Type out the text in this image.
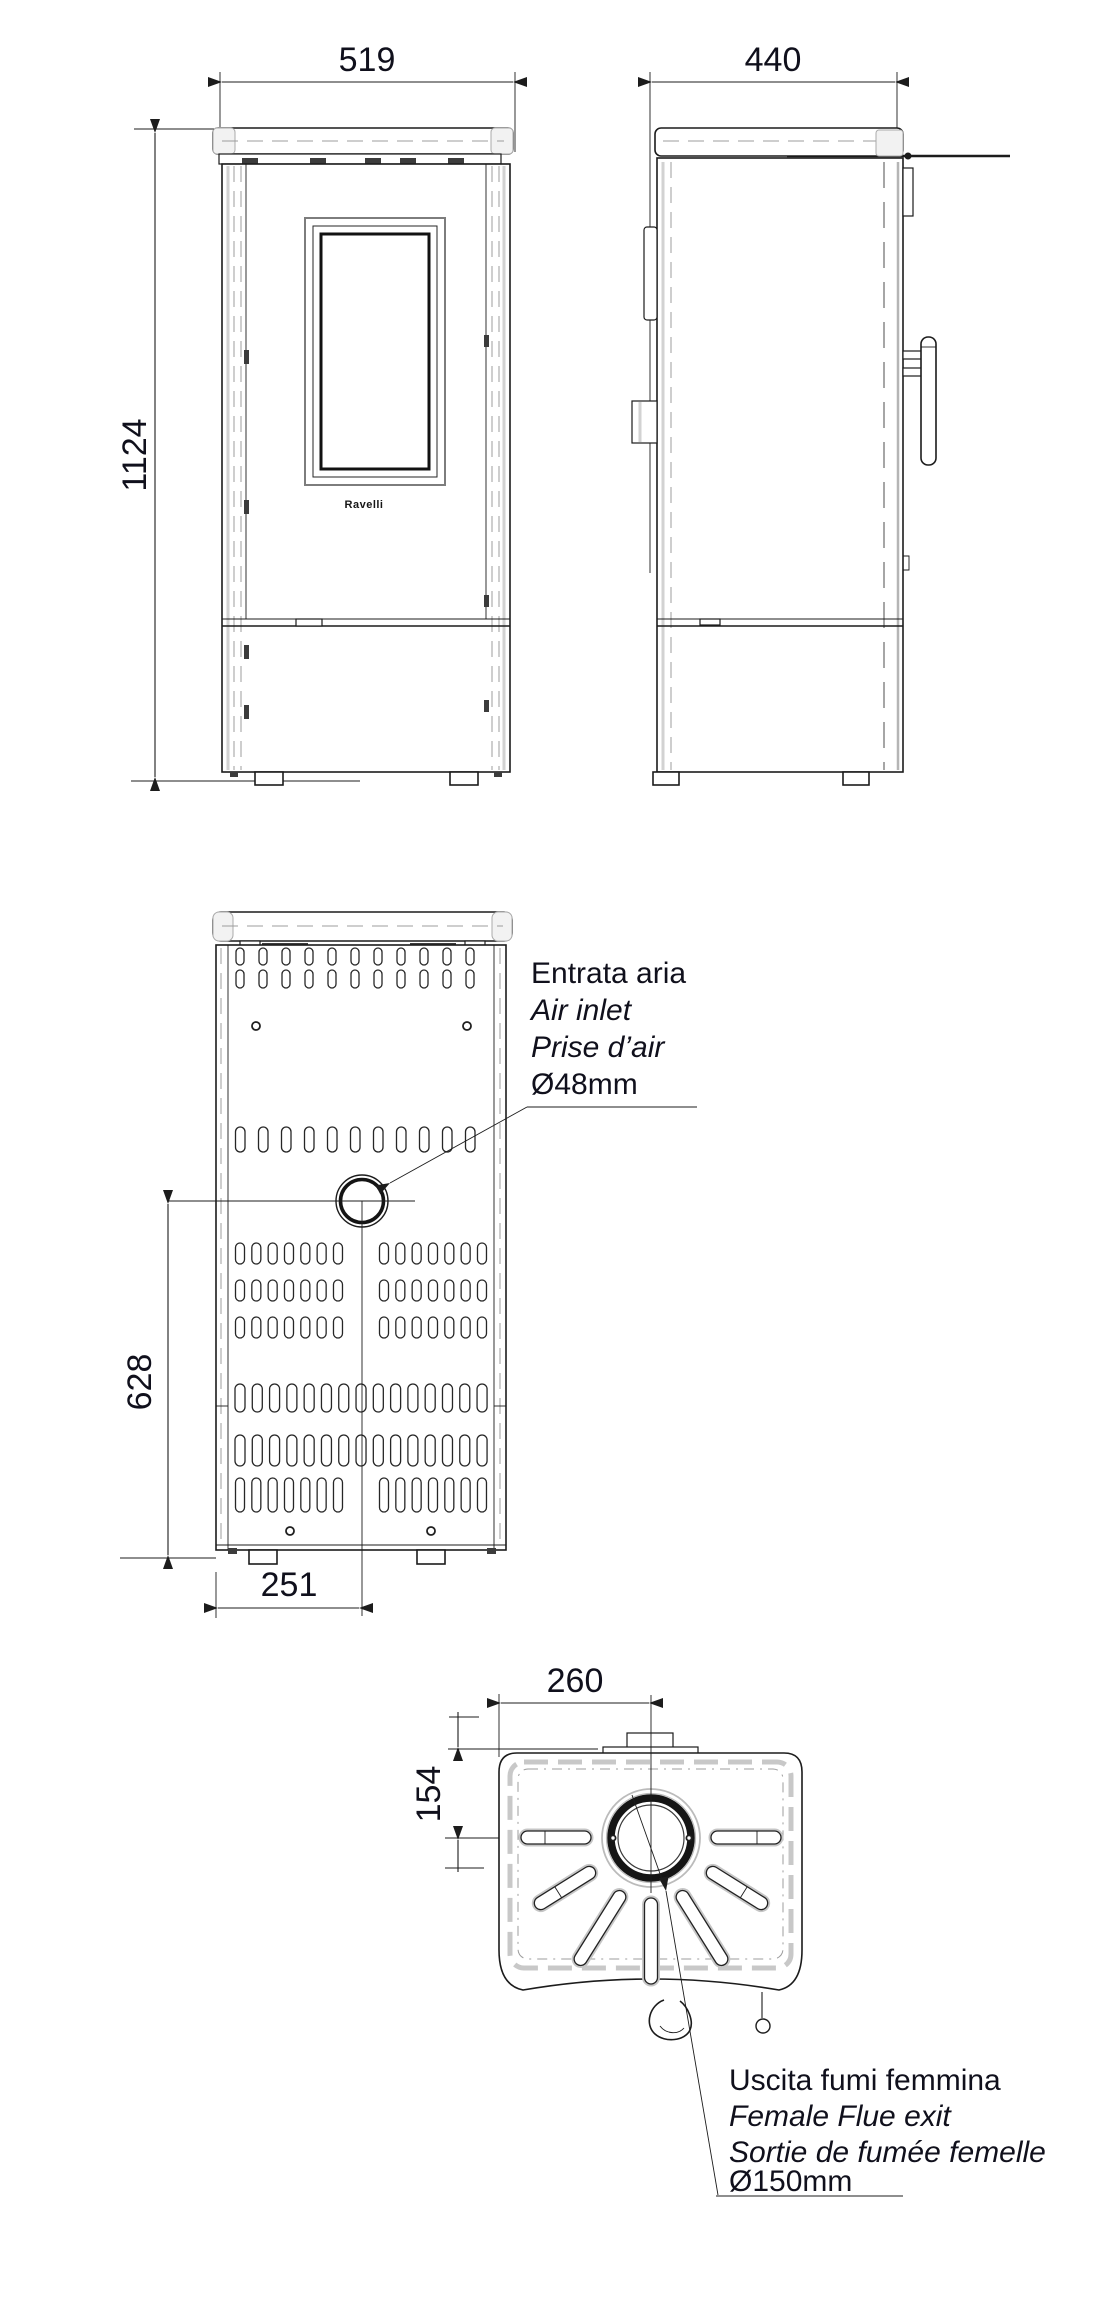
519
1124
Ravelli
440
628
251
Entrata aria
Air inlet
Prise d’air
Ø48mm
260
154
Uscita fumi femmina
Female Flue exit
Sortie de fumée femelle
Ø150mm
